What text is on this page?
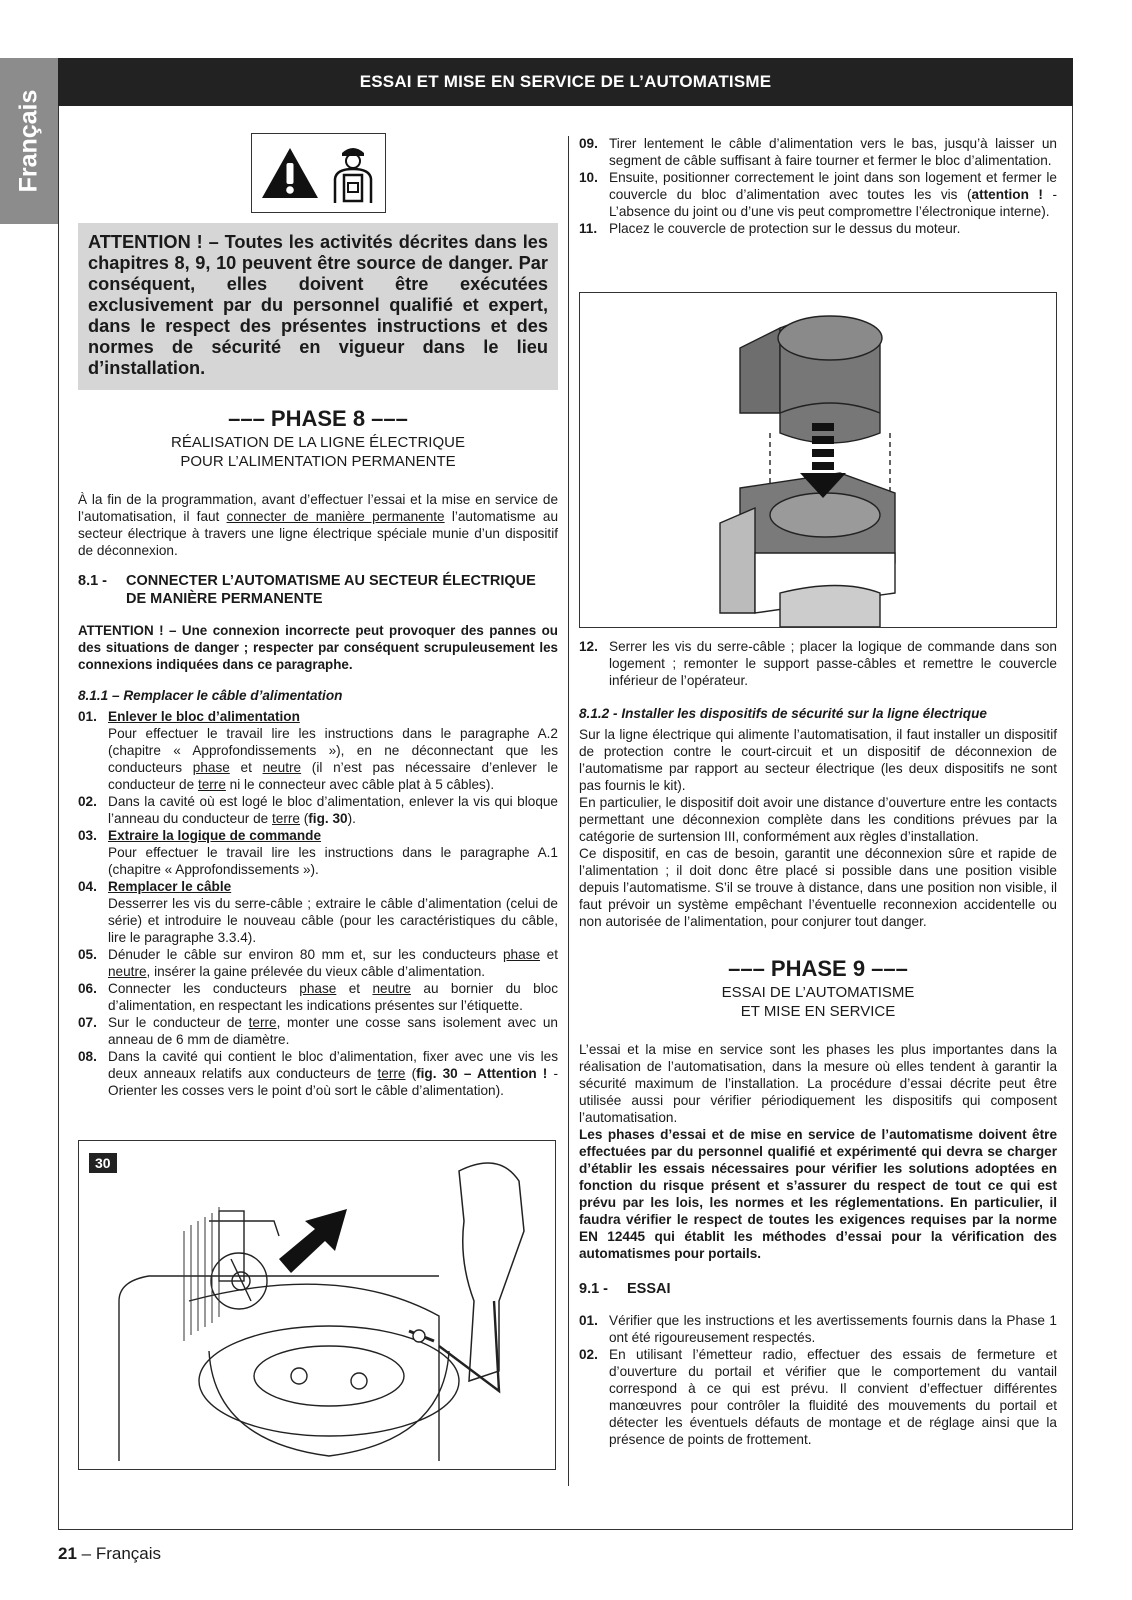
Français
ESSAI ET MISE EN SERVICE DE L’AUTOMATISME
ATTENTION ! – Toutes les activités décrites dans les chapitres 8, 9, 10 peuvent être source de danger. Par conséquent, elles doivent être exécutées exclusivement par du personnel qualifié et expert, dans le respect des présentes instructions et des normes de sécurité en vigueur dans le lieu d’installation.
––– PHASE 8 –––
RÉALISATION DE LA LIGNE ÉLECTRIQUE
POUR L’ALIMENTATION PERMANENTE

À la fin de la programmation, avant d’effectuer l’essai et la mise en service de l’automatisation, il faut connecter de manière permanente l’automatisme au secteur électrique à travers une ligne électrique spéciale munie d’un dispositif de déconnexion.

8.1 -	CONNECTER L’AUTOMATISME AU SECTEUR ÉLECTRIQUE DE MANIÈRE PERMANENTE

ATTENTION ! – Une connexion incorrecte peut provoquer des pannes ou des situations de danger ; respecter par conséquent scrupuleusement les connexions indiquées dans ce paragraphe.

8.1.1 – Remplacer le câble d’alimentation
01. Enlever le bloc d’alimentation
Pour effectuer le travail lire les instructions dans le paragraphe A.2 (chapitre « Approfondissements »), en ne déconnectant que les conducteurs phase et neutre (il n’est pas nécessaire d’enlever le conducteur de terre ni le connecteur avec câble plat à 5 câbles).
02. Dans la cavité où est logé le bloc d’alimentation, enlever la vis qui bloque l’anneau du conducteur de terre (fig. 30).
03. Extraire la logique de commande
Pour effectuer le travail lire les instructions dans le paragraphe A.1 (chapitre « Approfondissements »).
04. Remplacer le câble
Desserrer les vis du serre-câble ; extraire le câble d’alimentation (celui de série) et introduire le nouveau câble (pour les caractéristiques du câble, lire le paragraphe 3.3.4).
05. Dénuder le câble sur environ 80 mm et, sur les conducteurs phase et neutre, insérer la gaine prélevée du vieux câble d’alimentation.
06. Connecter les conducteurs phase et neutre au bornier du bloc d’alimentation, en respectant les indications présentes sur l’étiquette.
07. Sur le conducteur de terre, monter une cosse sans isolement avec un anneau de 6 mm de diamètre.
08. Dans la cavité qui contient le bloc d’alimentation, fixer avec une vis les deux anneaux relatifs aux conducteurs de terre (fig. 30 – Attention ! - Orienter les cosses vers le point d’où sort le câble d’alimentation).
30
09. Tirer lentement le câble d’alimentation vers le bas, jusqu’à laisser un segment de câble suffisant à faire tourner et fermer le bloc d’alimentation.
10. Ensuite, positionner correctement le joint dans son logement et fermer le couvercle du bloc d’alimentation avec toutes les vis (attention ! - L’absence du joint ou d’une vis peut compromettre l’électronique interne).
11. Placez le couvercle de protection sur le dessus du moteur.
12. Serrer les vis du serre-câble ; placer la logique de commande dans son logement ; remonter le support passe-câbles et remettre le couvercle inférieur de l’opérateur.
8.1.2 - Installer les dispositifs de sécurité sur la ligne électrique

Sur la ligne électrique qui alimente l’automatisation, il faut installer un dispositif de protection contre le court-circuit et un dispositif de déconnexion de l’automatisme par rapport au secteur électrique (les deux dispositifs ne sont pas fournis le kit).

En particulier, le dispositif doit avoir une distance d’ouverture entre les contacts permettant une déconnexion complète dans les conditions prévues par la catégorie de surtension III, conformément aux règles d’installation.

Ce dispositif, en cas de besoin, garantit une déconnexion sûre et rapide de l’alimentation ; il doit donc être placé si possible dans une position visible depuis l’automatisme. S’il se trouve à distance, dans une position non visible, il faut prévoir un système empêchant l’éventuelle reconnexion accidentelle ou non autorisée de l’alimentation, pour conjurer tout danger.

––– PHASE 9 –––
ESSAI DE L’AUTOMATISME
ET MISE EN SERVICE

L’essai et la mise en service sont les phases les plus importantes dans la réalisation de l’automatisation, dans la mesure où elles tendent à garantir la sécurité maximum de l’installation. La procédure d’essai décrite peut être utilisée aussi pour vérifier périodiquement les dispositifs qui composent l’automatisation.

Les phases d’essai et de mise en service de l’automatisme doivent être effectuées par du personnel qualifié et expérimenté qui devra se charger d’établir les essais nécessaires pour vérifier les solutions adoptées en fonction du risque présent et s’assurer du respect de tout ce qui est prévu par les lois, les normes et les réglementations. En particulier, il faudra vérifier le respect de toutes les exigences requises par la norme EN 12445 qui établit les méthodes d’essai pour la vérification des automatismes pour portails.

9.1 -	ESSAI
01. Vérifier que les instructions et les avertissements fournis dans la Phase 1 ont été rigoureusement respectés.
02. En utilisant l’émetteur radio, effectuer des essais de fermeture et d’ouverture du portail et vérifier que le comportement du vantail correspond à ce qui est prévu. Il convient d’effectuer différentes manœuvres pour contrôler la fluidité des mouvements du portail et détecter les éventuels défauts de montage et de réglage ainsi que la présence de points de frottement.
21 – Français
